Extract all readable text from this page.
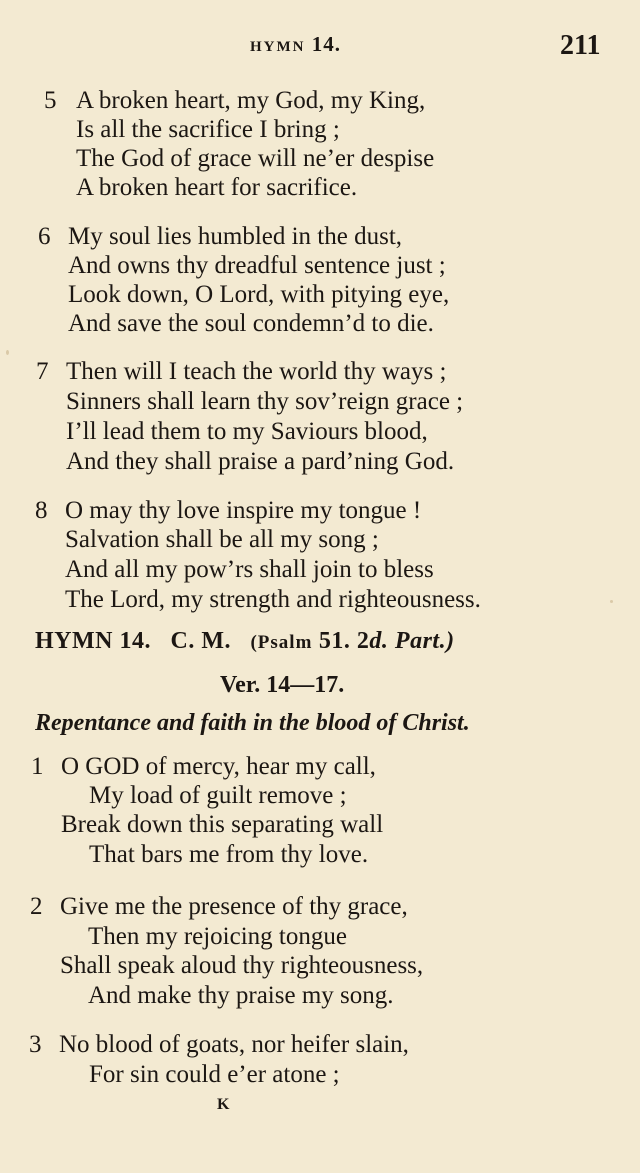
HYMN 14.	211
5 A broken heart, my God, my King,
Is all the sacrifice I bring ;
The God of grace will ne’er despise
A broken heart for sacrifice.
6 My soul lies humbled in the dust,
And owns thy dreadful sentence just ;
Look down, O Lord, with pitying eye,
And save the soul condemn’d to die.
7 Then will I teach the world thy ways ;
Sinners shall learn thy sov’reign grace ;
I’ll lead them to my Saviours blood,
And they shall praise a pard’ning God.
8 O may thy love inspire my tongue !
Salvation shall be all my song ;
And all my pow’rs shall join to bless
The Lord, my strength and righteousness.
HYMN 14. C. M. (Psalm 51. 2d. Part.)
Ver. 14—17.
Repentance and faith in the blood of Christ.
1 O GOD of mercy, hear my call,
My load of guilt remove ;
Break down this separating wall
That bars me from thy love.
2 Give me the presence of thy grace,
Then my rejoicing tongue
Shall speak aloud thy righteousness,
And make thy praise my song.
3 No blood of goats, nor heifer slain,
For sin could e’er atone ;
K
